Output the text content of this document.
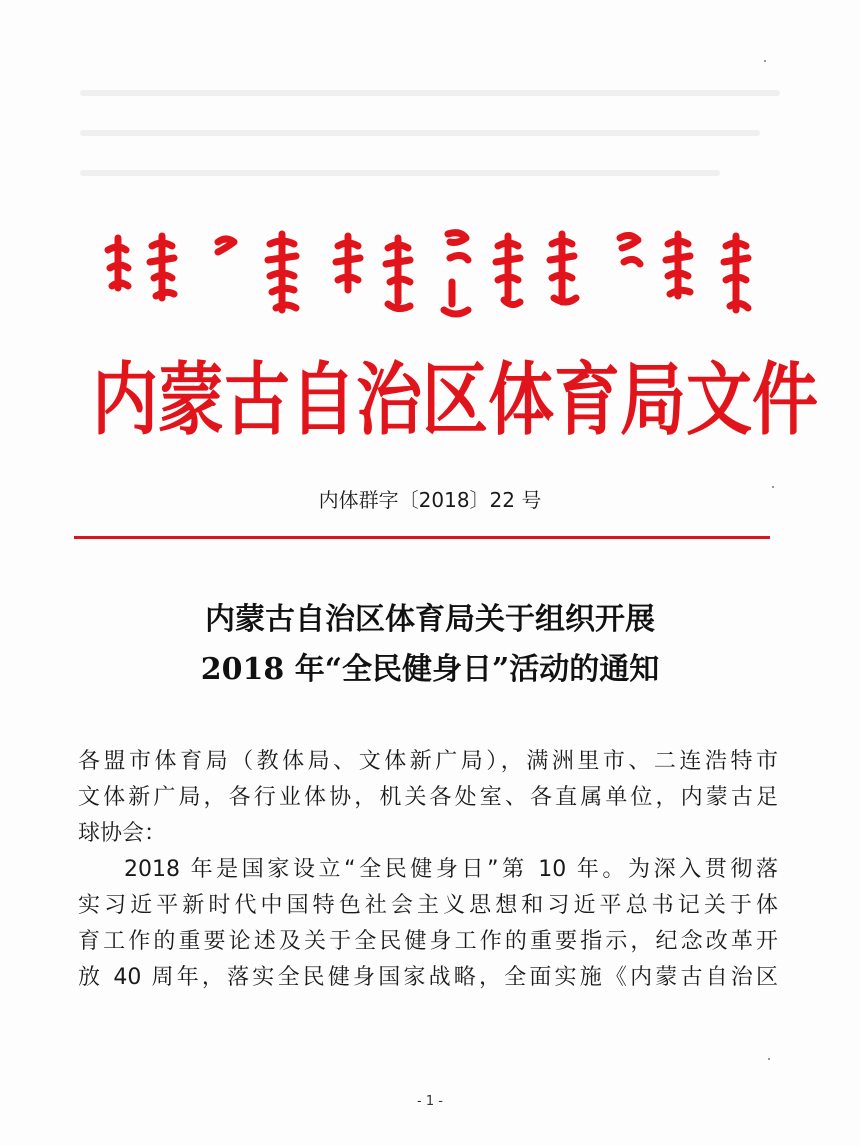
内蒙古自治区体育局文件
内体群字〔2018〕22 号
内蒙古自治区体育局关于组织开展
2018 年“全民健身日”活动的通知
各盟市体育局（教体局、文体新广局），满洲里市、二连浩特市
文体新广局，各行业体协，机关各处室、各直属单位，内蒙古足
球协会：
2018 年是国家设立“全民健身日”第 10 年。为深入贯彻落
实习近平新时代中国特色社会主义思想和习近平总书记关于体
育工作的重要论述及关于全民健身工作的重要指示，纪念改革开
放 40 周年，落实全民健身国家战略，全面实施《内蒙古自治区
- 1 -
